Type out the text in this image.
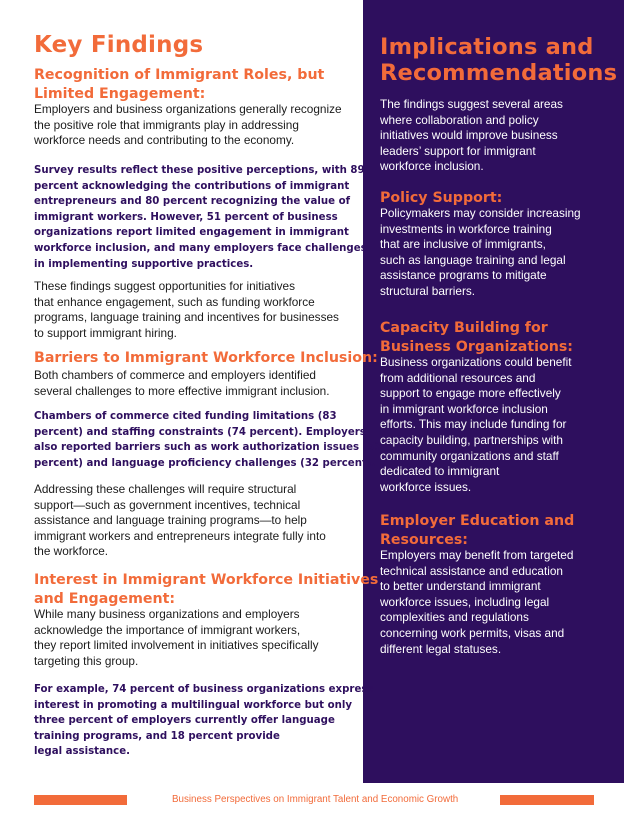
Key Findings
Recognition of Immigrant Roles, but
Limited Engagement:
Employers and business organizations generally recognize
the positive role that immigrants play in addressing
workforce needs and contributing to the economy.
Survey results reflect these positive perceptions, with 89
percent acknowledging the contributions of immigrant
entrepreneurs and 80 percent recognizing the value of
immigrant workers. However, 51 percent of business
organizations report limited engagement in immigrant
workforce inclusion, and many employers face challenges
in implementing supportive practices.
These findings suggest opportunities for initiatives
that enhance engagement, such as funding workforce
programs, language training and incentives for businesses
to support immigrant hiring.
Barriers to Immigrant Workforce Inclusion:
Both chambers of commerce and employers identified
several challenges to more effective immigrant inclusion.
Chambers of commerce cited funding limitations (83
percent) and staffing constraints (74 percent). Employers
also reported barriers such as work authorization issues (53
percent) and language proficiency challenges (32 percent).
Addressing these challenges will require structural
support—such as government incentives, technical
assistance and language training programs—to help
immigrant workers and entrepreneurs integrate fully into
the workforce.
Interest in Immigrant Workforce Initiatives
and Engagement:
While many business organizations and employers
acknowledge the importance of immigrant workers,
they report limited involvement in initiatives specifically
targeting this group.
For example, 74 percent of business organizations express
interest in promoting a multilingual workforce but only
three percent of employers currently offer language
training programs, and 18 percent provide
legal assistance.
Implications and
Recommendations
The findings suggest several areas
where collaboration and policy
initiatives would improve business
leaders’ support for immigrant
workforce inclusion.
Policy Support:
Policymakers may consider increasing
investments in workforce training
that are inclusive of immigrants,
such as language training and legal
assistance programs to mitigate
structural barriers.
Capacity Building for
Business Organizations:
Business organizations could benefit
from additional resources and
support to engage more effectively
in immigrant workforce inclusion
efforts. This may include funding for
capacity building, partnerships with
community organizations and staff
dedicated to immigrant
workforce issues.
Employer Education and
Resources:
Employers may benefit from targeted
technical assistance and education
to better understand immigrant
workforce issues, including legal
complexities and regulations
concerning work permits, visas and
different legal statuses.
Business Perspectives on Immigrant Talent and Economic Growth
